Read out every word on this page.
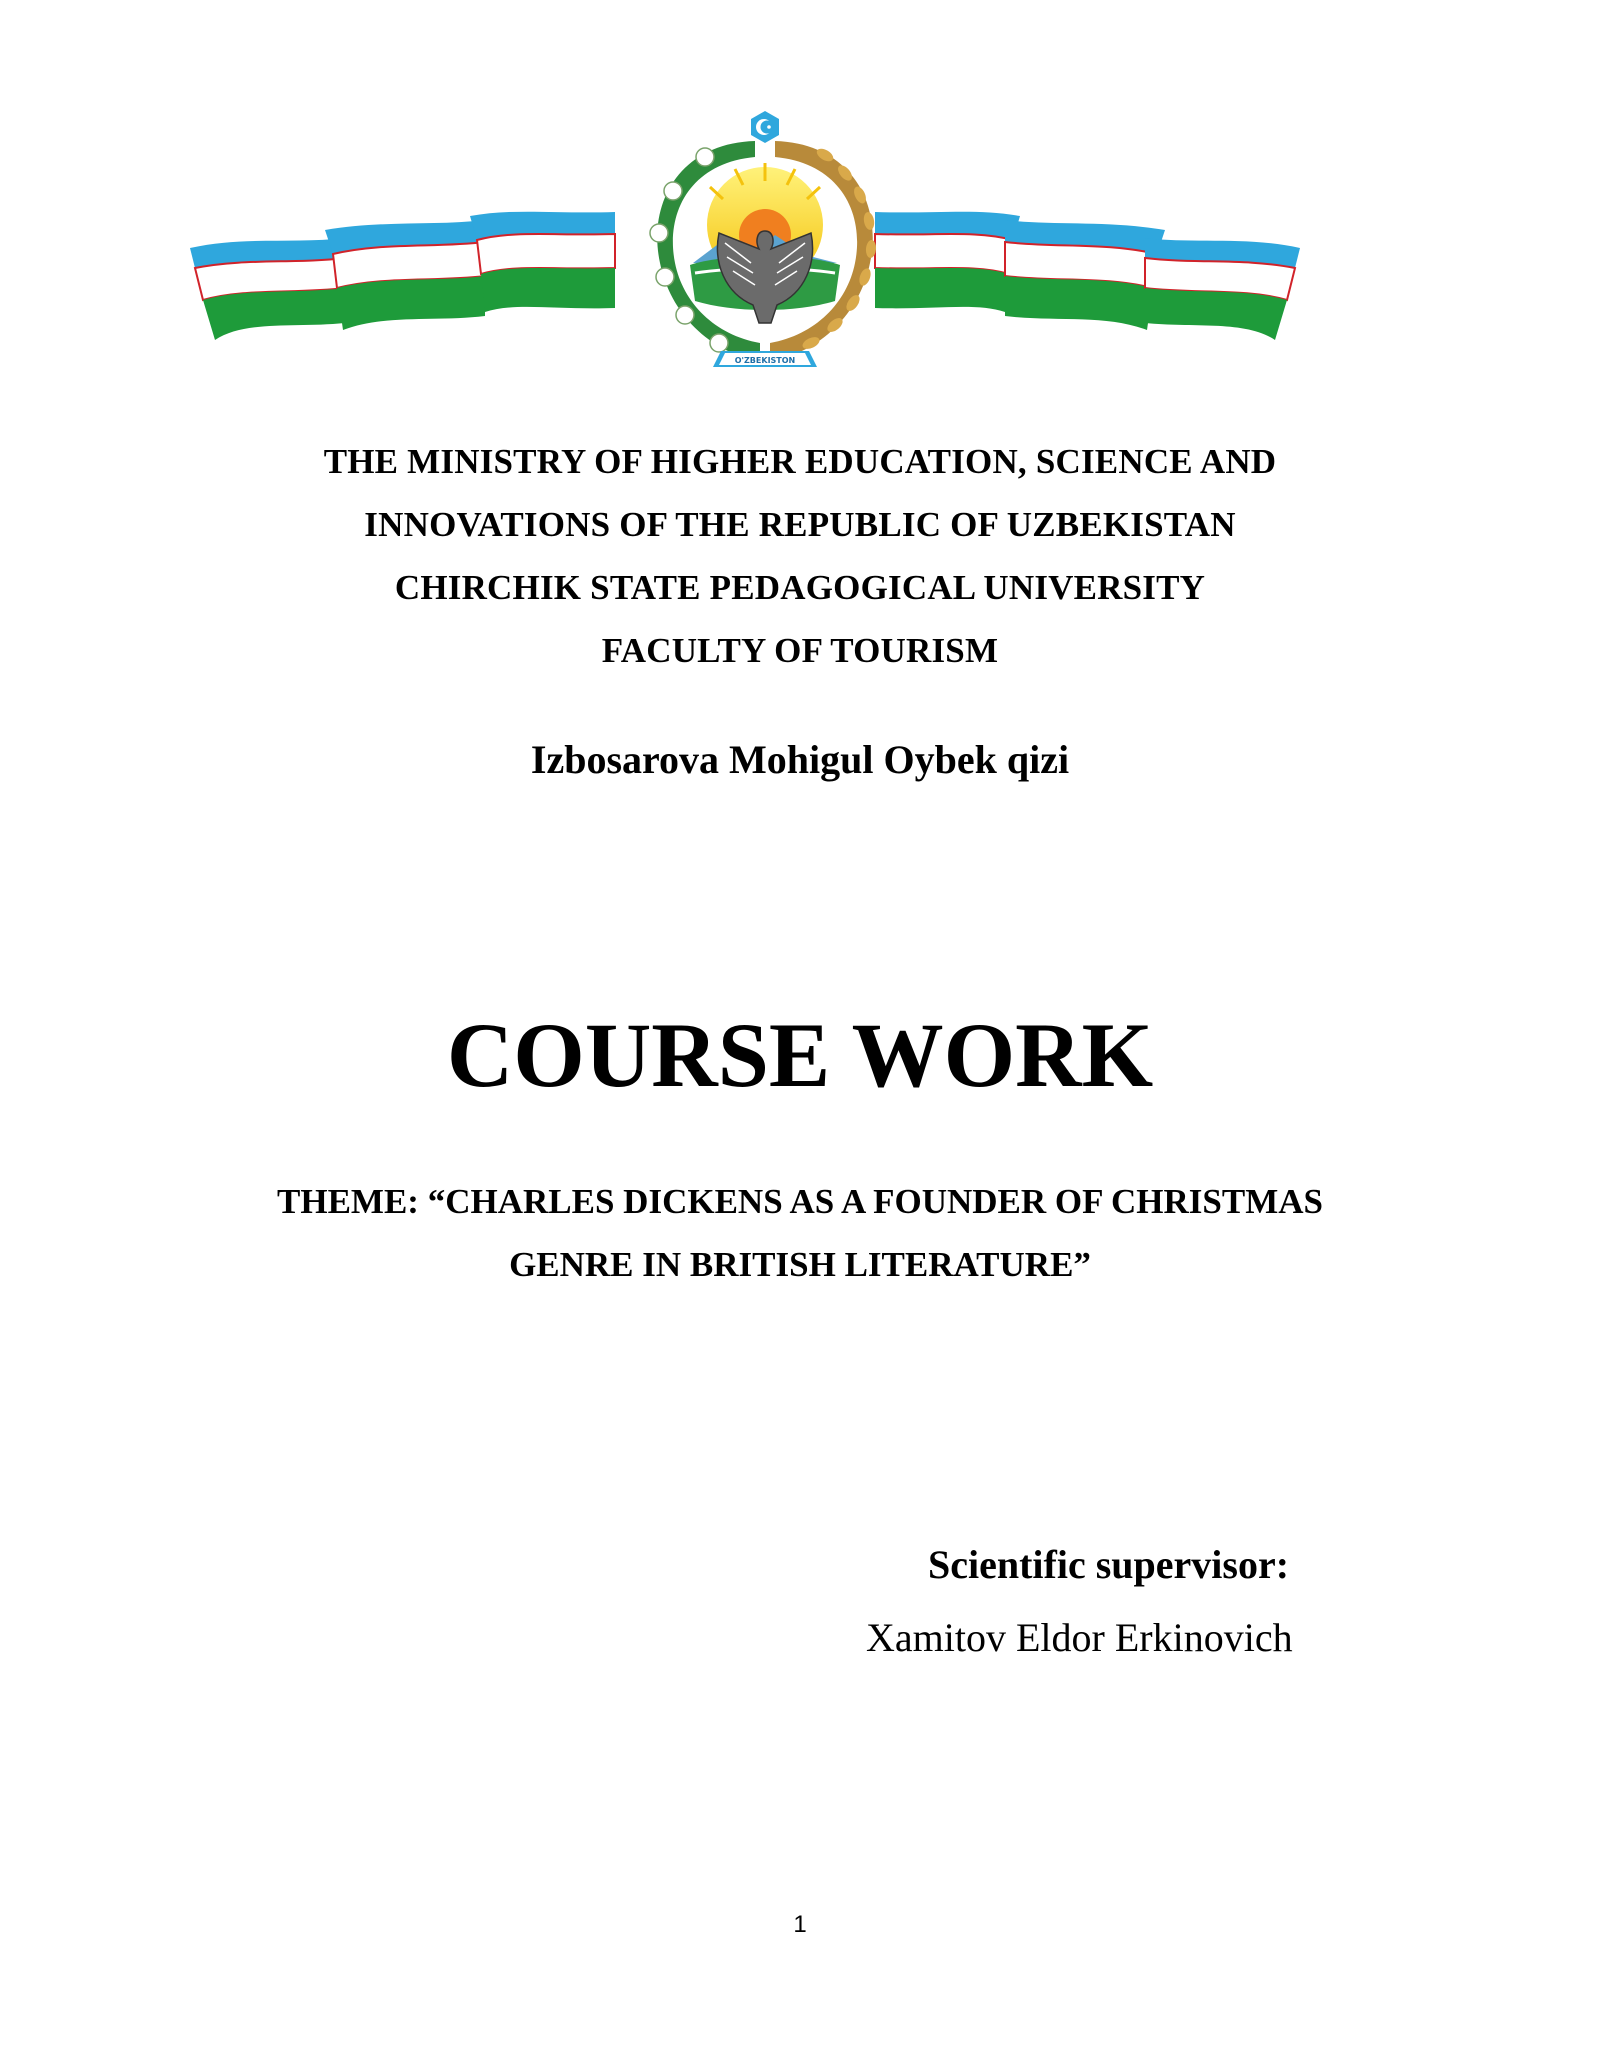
O'ZBEKISTON
THE MINISTRY OF HIGHER EDUCATION, SCIENCE AND
INNOVATIONS OF THE REPUBLIC OF UZBEKISTAN
CHIRCHIK STATE PEDAGOGICAL UNIVERSITY
FACULTY OF TOURISM
Izbosarova Mohigul Oybek qizi
COURSE WORK
THEME: “CHARLES DICKENS AS A FOUNDER OF CHRISTMAS
GENRE IN BRITISH LITERATURE”
Scientific supervisor:
Xamitov Eldor Erkinovich
1
